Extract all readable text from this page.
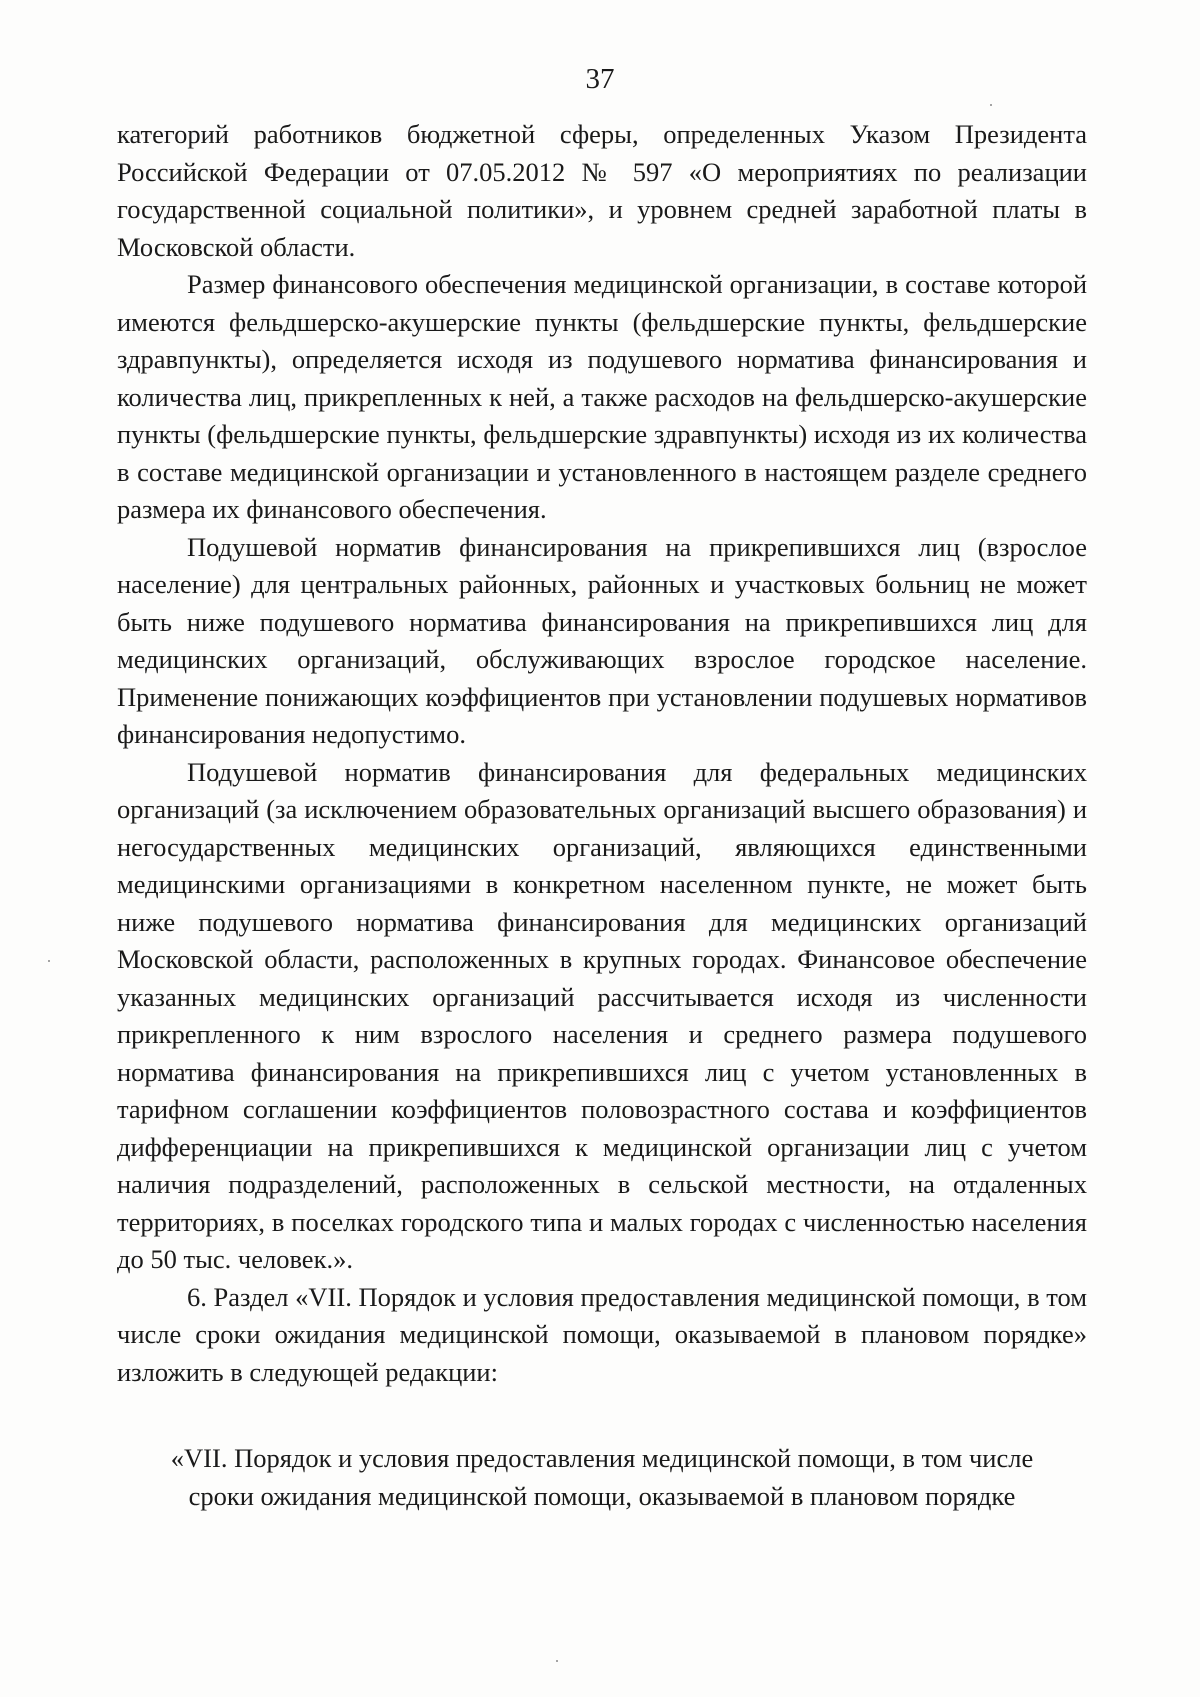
37

категорий работников бюджетной сферы, определенных Указом Президента Российской Федерации от 07.05.2012 № 597 «О мероприятиях по реализации государственной социальной политики», и уровнем средней заработной платы в Московской области.

Размер финансового обеспечения медицинской организации, в составе которой имеются фельдшерско-акушерские пункты (фельдшерские пункты, фельдшерские здравпункты), определяется исходя из подушевого норматива финансирования и количества лиц, прикрепленных к ней, а также расходов на фельдшерско-акушерские пункты (фельдшерские пункты, фельдшерские здравпункты) исходя из их количества в составе медицинской организации и установленного в настоящем разделе среднего размера их финансового обеспечения.

Подушевой норматив финансирования на прикрепившихся лиц (взрослое население) для центральных районных, районных и участковых больниц не может быть ниже подушевого норматива финансирования на прикрепившихся лиц для медицинских организаций, обслуживающих взрослое городское население. Применение понижающих коэффициентов при установлении подушевых нормативов финансирования недопустимо.

Подушевой норматив финансирования для федеральных медицинских организаций (за исключением образовательных организаций высшего образования) и негосударственных медицинских организаций, являющихся единственными медицинскими организациями в конкретном населенном пункте, не может быть ниже подушевого норматива финансирования для медицинских организаций Московской области, расположенных в крупных городах. Финансовое обеспечение указанных медицинских организаций рассчитывается исходя из численности прикрепленного к ним взрослого населения и среднего размера подушевого норматива финансирования на прикрепившихся лиц с учетом установленных в тарифном соглашении коэффициентов половозрастного состава и коэффициентов дифференциации на прикрепившихся к медицинской организации лиц с учетом наличия подразделений, расположенных в сельской местности, на отдаленных территориях, в поселках городского типа и малых городах с численностью населения до 50 тыс. человек.».

6. Раздел «VII. Порядок и условия предоставления медицинской помощи, в том числе сроки ожидания медицинской помощи, оказываемой в плановом порядке» изложить в следующей редакции:

«VII. Порядок и условия предоставления медицинской помощи, в том числе
сроки ожидания медицинской помощи, оказываемой в плановом порядке
